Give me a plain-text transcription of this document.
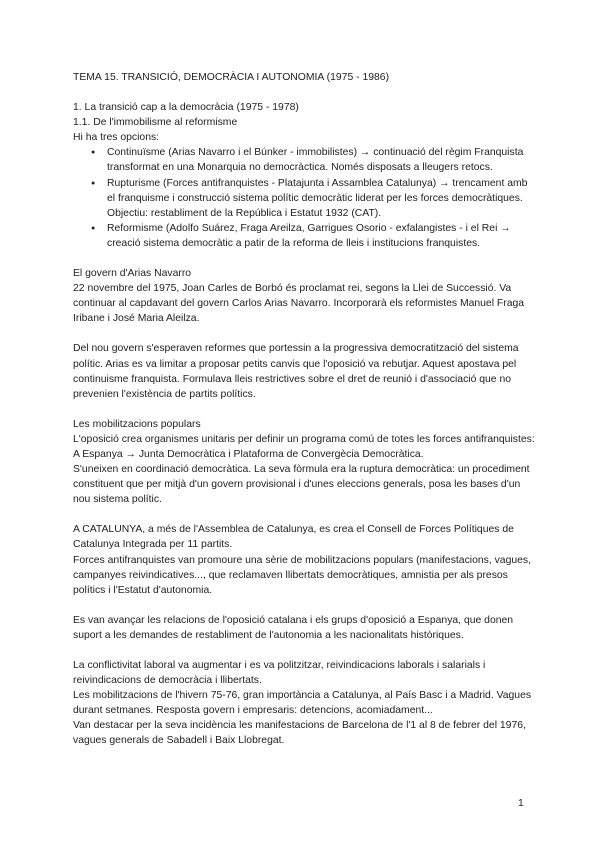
TEMA 15. TRANSICIÓ, DEMOCRÀCIA I AUTONOMIA (1975 - 1986)

1. La transició cap a la democràcia (1975 - 1978)

1.1. De l'immobilisme al reformisme

Hi ha tres opcions:

● Continuïsme (Arias Navarro i el Búnker - immobilistes) → continuació del règim Franquista transformat en una Monarquia no democràctica. Només disposats a lleugers retocs.
● Rupturisme (Forces antifranquistes - Platajunta i Assamblea Catalunya) → trencament amb el franquisme i construcció sistema polític democràtic liderat per les forces democràtiques. Objectiu: restabliment de la República i Estatut 1932 (CAT).
● Reformisme (Adolfo Suárez, Fraga Areilza, Garrigues Osorio - exfalangistes - i el Rei → creació sistema democràtic a patir de la reforma de lleis i institucions franquistes.

El govern d'Arias Navarro

22 novembre del 1975, Joan Carles de Borbó és proclamat rei, segons la Llei de Successió. Va continuar al capdavant del govern Carlos Arias Navarro. Incorporarà els reformistes Manuel Fraga Iribane i José Maria Aleilza.

Del nou govern s'esperaven reformes que portessin a la progressiva democratització del sistema polític. Arias es va limitar a proposar petits canvis que l'oposició va rebutjar. Aquest apostava pel continuisme franquista. Formulava lleis restrictives sobre el dret de reunió i d'associació que no prevenien l'existència de partits polítics.

Les mobilitzacions populars

L'oposició crea organismes unitaris per definir un programa comú de totes les forces antifranquistes:

A Espanya → Junta Democràtica i Plataforma de Convergècia Democràtica.

S'uneixen en coordinació democràtica. La seva fòrmula era la ruptura democràtica: un procediment constituent que per mitjà d'un govern provisional i d'unes eleccions generals, posa les bases d'un nou sistema polític.

A CATALUNYA, a més de l'Assemblea de Catalunya, es crea el Consell de Forces Polítiques de Catalunya Integrada per 11 partits.

Forces antifranquistes van promoure una sèrie de mobilitzacions populars (manifestacions, vagues, campanyes reivindicatives..., que reclamaven llibertats democràtiques, amnistia per als presos polítics i l'Estatut d'autonomia.

Es van avançar les relacions de l'oposició catalana i els grups d'oposició a Espanya, que donen suport a les demandes de restabliment de l'autonomia a les nacionalitats històriques.

La conflictivitat laboral va augmentar i es va politzitzar, reivindicacions laborals i salarials i reivindicacions de democràcia i llibertats.

Les mobilitzacions de l'hivern 75-76, gran importància a Catalunya, al País Basc i a Madrid. Vagues durant setmanes. Resposta govern i empresaris: detencions, acomiadament...

Van destacar per la seva incidència les manifestacions de Barcelona de l'1 al 8 de febrer del 1976, vagues generals de Sabadell i Baix Llobregat.

1
